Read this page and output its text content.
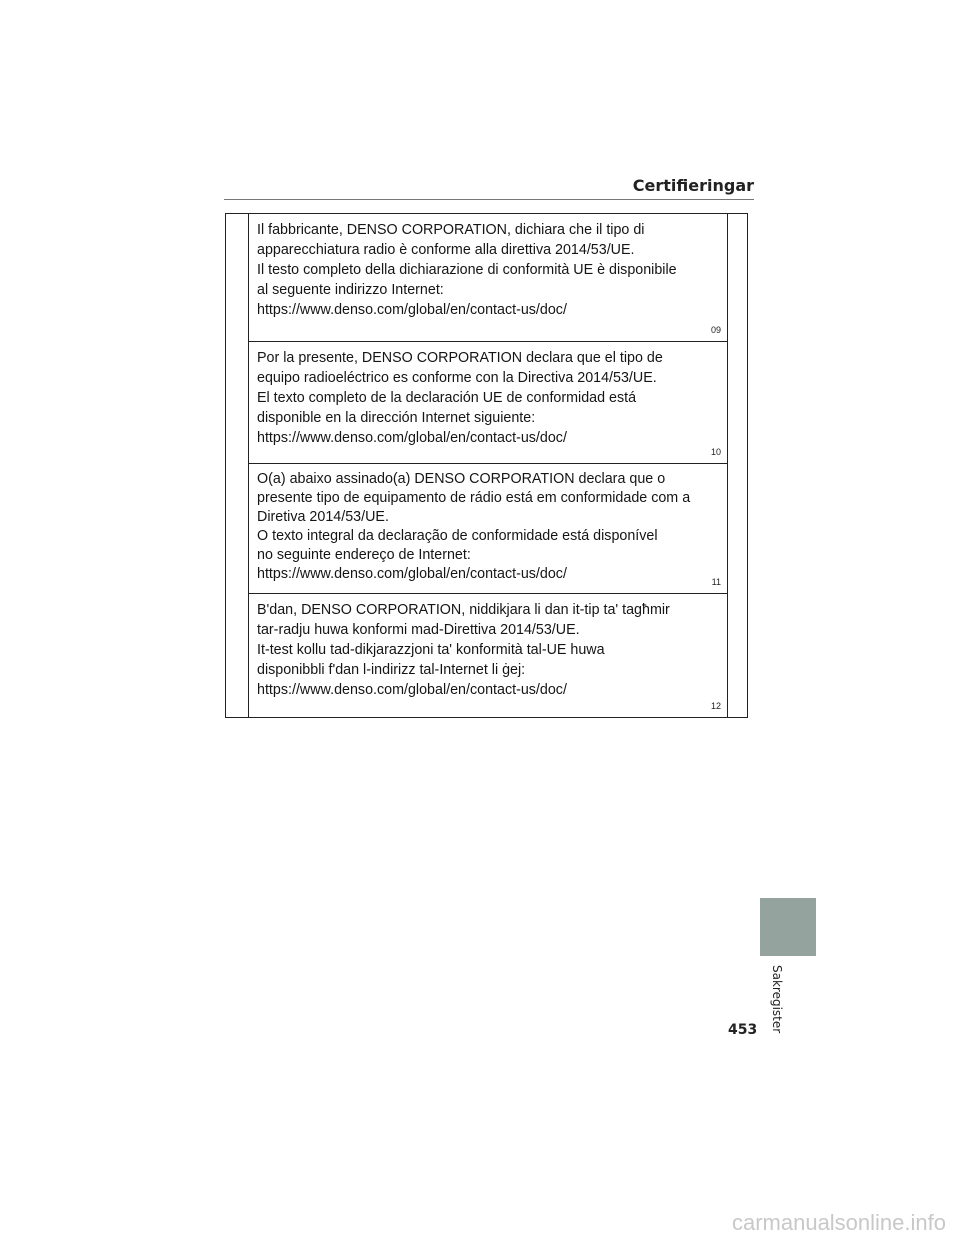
Certifieringar
Il fabbricante, DENSO CORPORATION, dichiara che il tipo di
apparecchiatura radio è conforme alla direttiva 2014/53/UE.
Il testo completo della dichiarazione di conformità UE è disponibile
al seguente indirizzo Internet:
https://www.denso.com/global/en/contact-us/doc/
09
Por la presente, DENSO CORPORATION declara que el tipo de
equipo radioeléctrico es conforme con la Directiva 2014/53/UE.
El texto completo de la declaración UE de conformidad está
disponible en la dirección Internet siguiente:
https://www.denso.com/global/en/contact-us/doc/
10
O(a) abaixo assinado(a) DENSO CORPORATION declara que o
presente tipo de equipamento de rádio está em conformidade com a
Diretiva 2014/53/UE.
O texto integral da declaração de conformidade está disponível
no seguinte endereço de Internet:
https://www.denso.com/global/en/contact-us/doc/	11
B'dan, DENSO CORPORATION, niddikjara li dan it-tip ta' tagħmir
tar-radju huwa konformi mad-Direttiva 2014/53/UE.
It-test kollu tad-dikjarazzjoni ta' konformità tal-UE huwa
disponibbli f'dan l-indirizz tal-Internet li ġej:
https://www.denso.com/global/en/contact-us/doc/
12
Sakregister
453
carmanualsonline.info
